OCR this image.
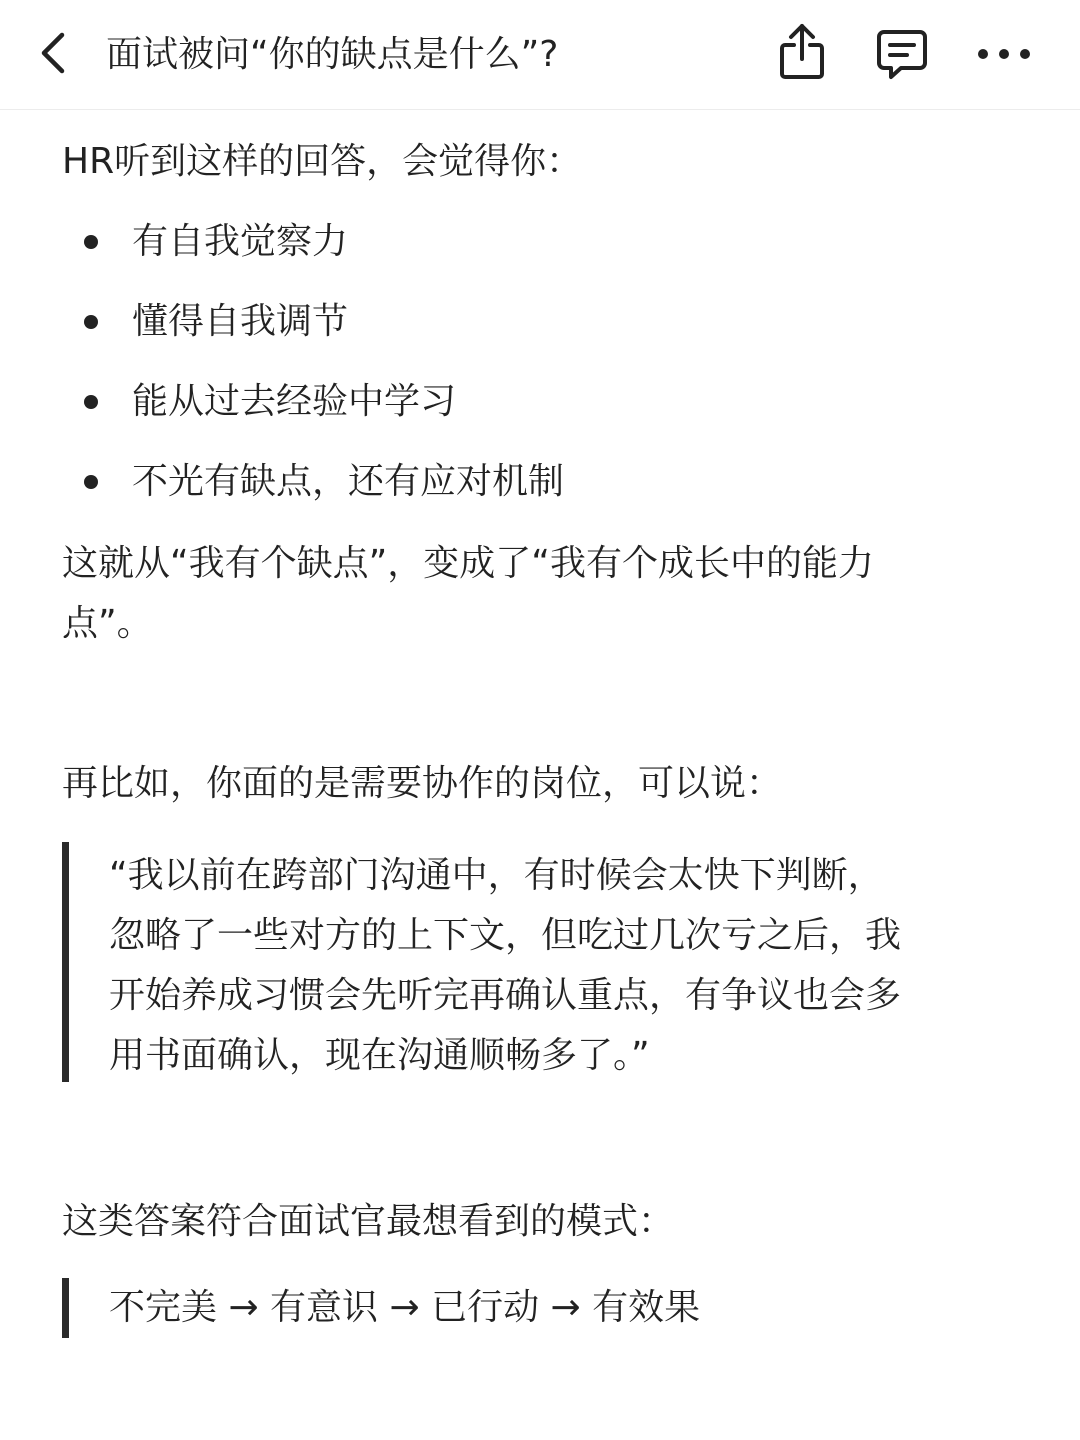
面试被问“你的缺点是什么”?
HR听到这样的回答，会觉得你：
有自我觉察力
懂得自我调节
能从过去经验中学习
不光有缺点，还有应对机制
这就从“我有个缺点”，变成了“我有个成长中的能力
点”。
再比如，你面的是需要协作的岗位，可以说：
“我以前在跨部门沟通中，有时候会太快下判断，
忽略了一些对方的上下文，但吃过几次亏之后，我
开始养成习惯会先听完再确认重点，有争议也会多
用书面确认，现在沟通顺畅多了。”
这类答案符合面试官最想看到的模式：
不完美 → 有意识 → 已行动 → 有效果
